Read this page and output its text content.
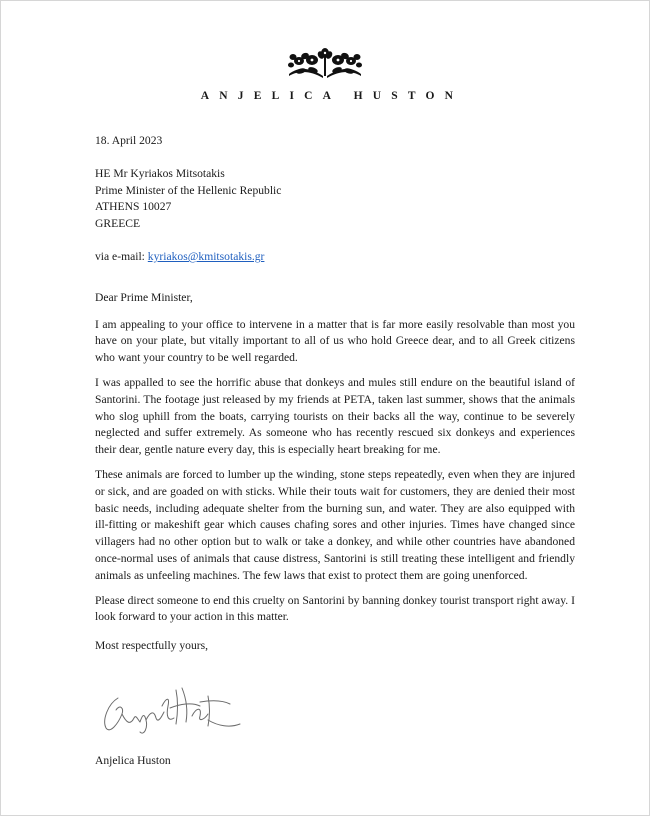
ANJELICA HUSTON
18. April 2023
HE Mr Kyriakos Mitsotakis
Prime Minister of the Hellenic Republic
ATHENS 10027
GREECE
via e-mail: kyriakos@kmitsotakis.gr
Dear Prime Minister,

I am appealing to your office to intervene in a matter that is far more easily resolvable than most you have on your plate, but vitally important to all of us who hold Greece dear, and to all Greek citizens who want your country to be well regarded.

I was appalled to see the horrific abuse that donkeys and mules still endure on the beautiful island of Santorini. The footage just released by my friends at PETA, taken last summer, shows that the animals who slog uphill from the boats, carrying tourists on their backs all the way, continue to be severely neglected and suffer extremely. As someone who has recently rescued six donkeys and experiences their dear, gentle nature every day, this is especially heart breaking for me.

These animals are forced to lumber up the winding, stone steps repeatedly, even when they are injured or sick, and are goaded on with sticks. While their touts wait for customers, they are denied their most basic needs, including adequate shelter from the burning sun, and water. They are also equipped with ill-fitting or makeshift gear which causes chafing sores and other injuries. Times have changed since villagers had no other option but to walk or take a donkey, and while other countries have abandoned once-normal uses of animals that cause distress, Santorini is still treating these intelligent and friendly animals as unfeeling machines. The few laws that exist to protect them are going unenforced.

Please direct someone to end this cruelty on Santorini by banning donkey tourist transport right away. I look forward to your action in this matter.

Most respectfully yours,
Anjelica Huston
